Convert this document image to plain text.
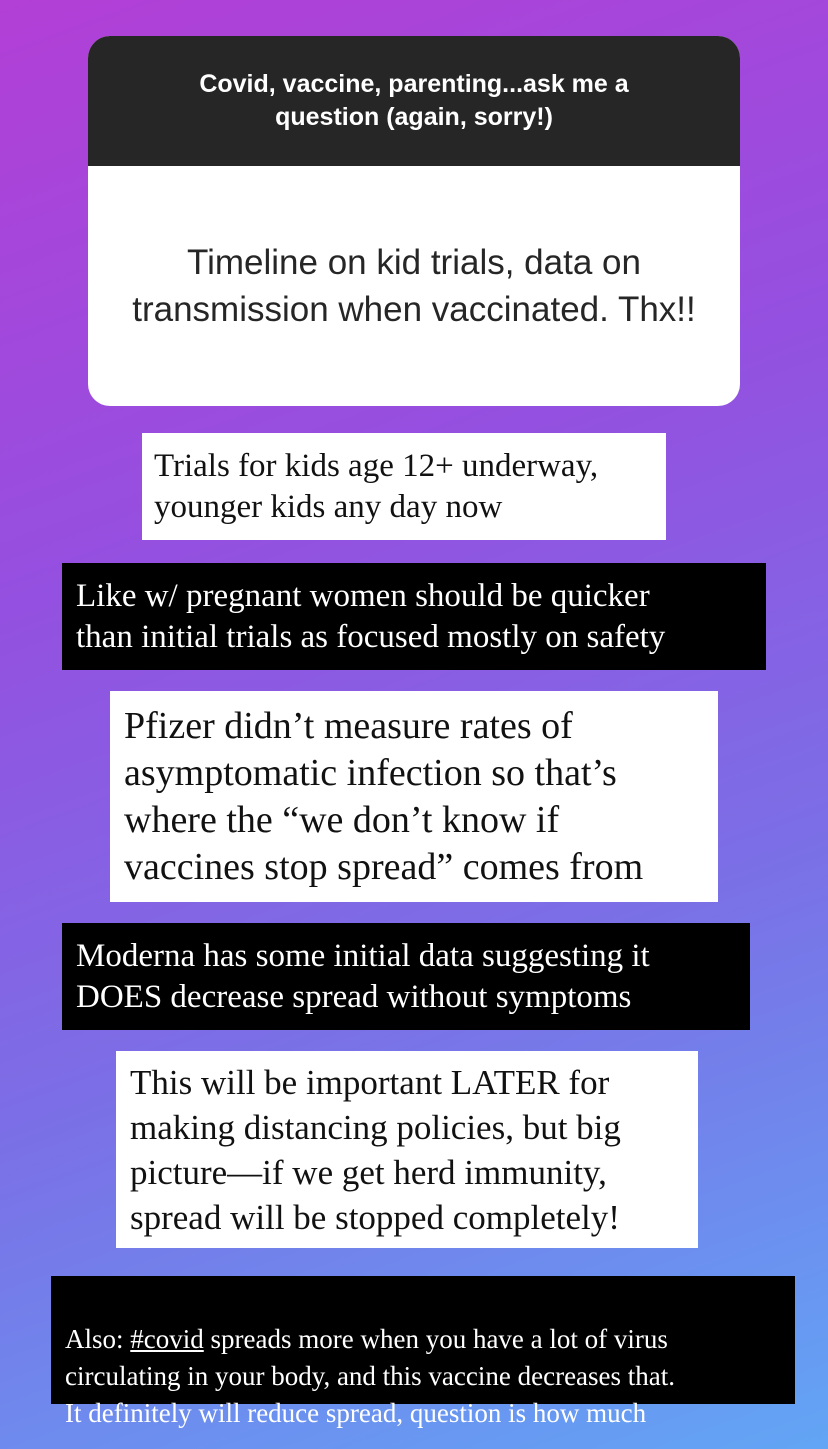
Covid, vaccine, parenting...ask me a question (again, sorry!)
Timeline on kid trials, data on transmission when vaccinated. Thx!!
Trials for kids age 12+ underway,
younger kids any day now
Like w/ pregnant women should be quicker
than initial trials as focused mostly on safety
Pfizer didn’t measure rates of
asymptomatic infection so that’s
where the “we don’t know if
vaccines stop spread” comes from
Moderna has some initial data suggesting it
DOES decrease spread without symptoms
This will be important LATER for
making distancing policies, but big
picture—if we get herd immunity,
spread will be stopped completely!

Also: #covid spreads more when you have a lot of virus
circulating in your body, and this vaccine decreases that.
It definitely will reduce spread, question is how much
